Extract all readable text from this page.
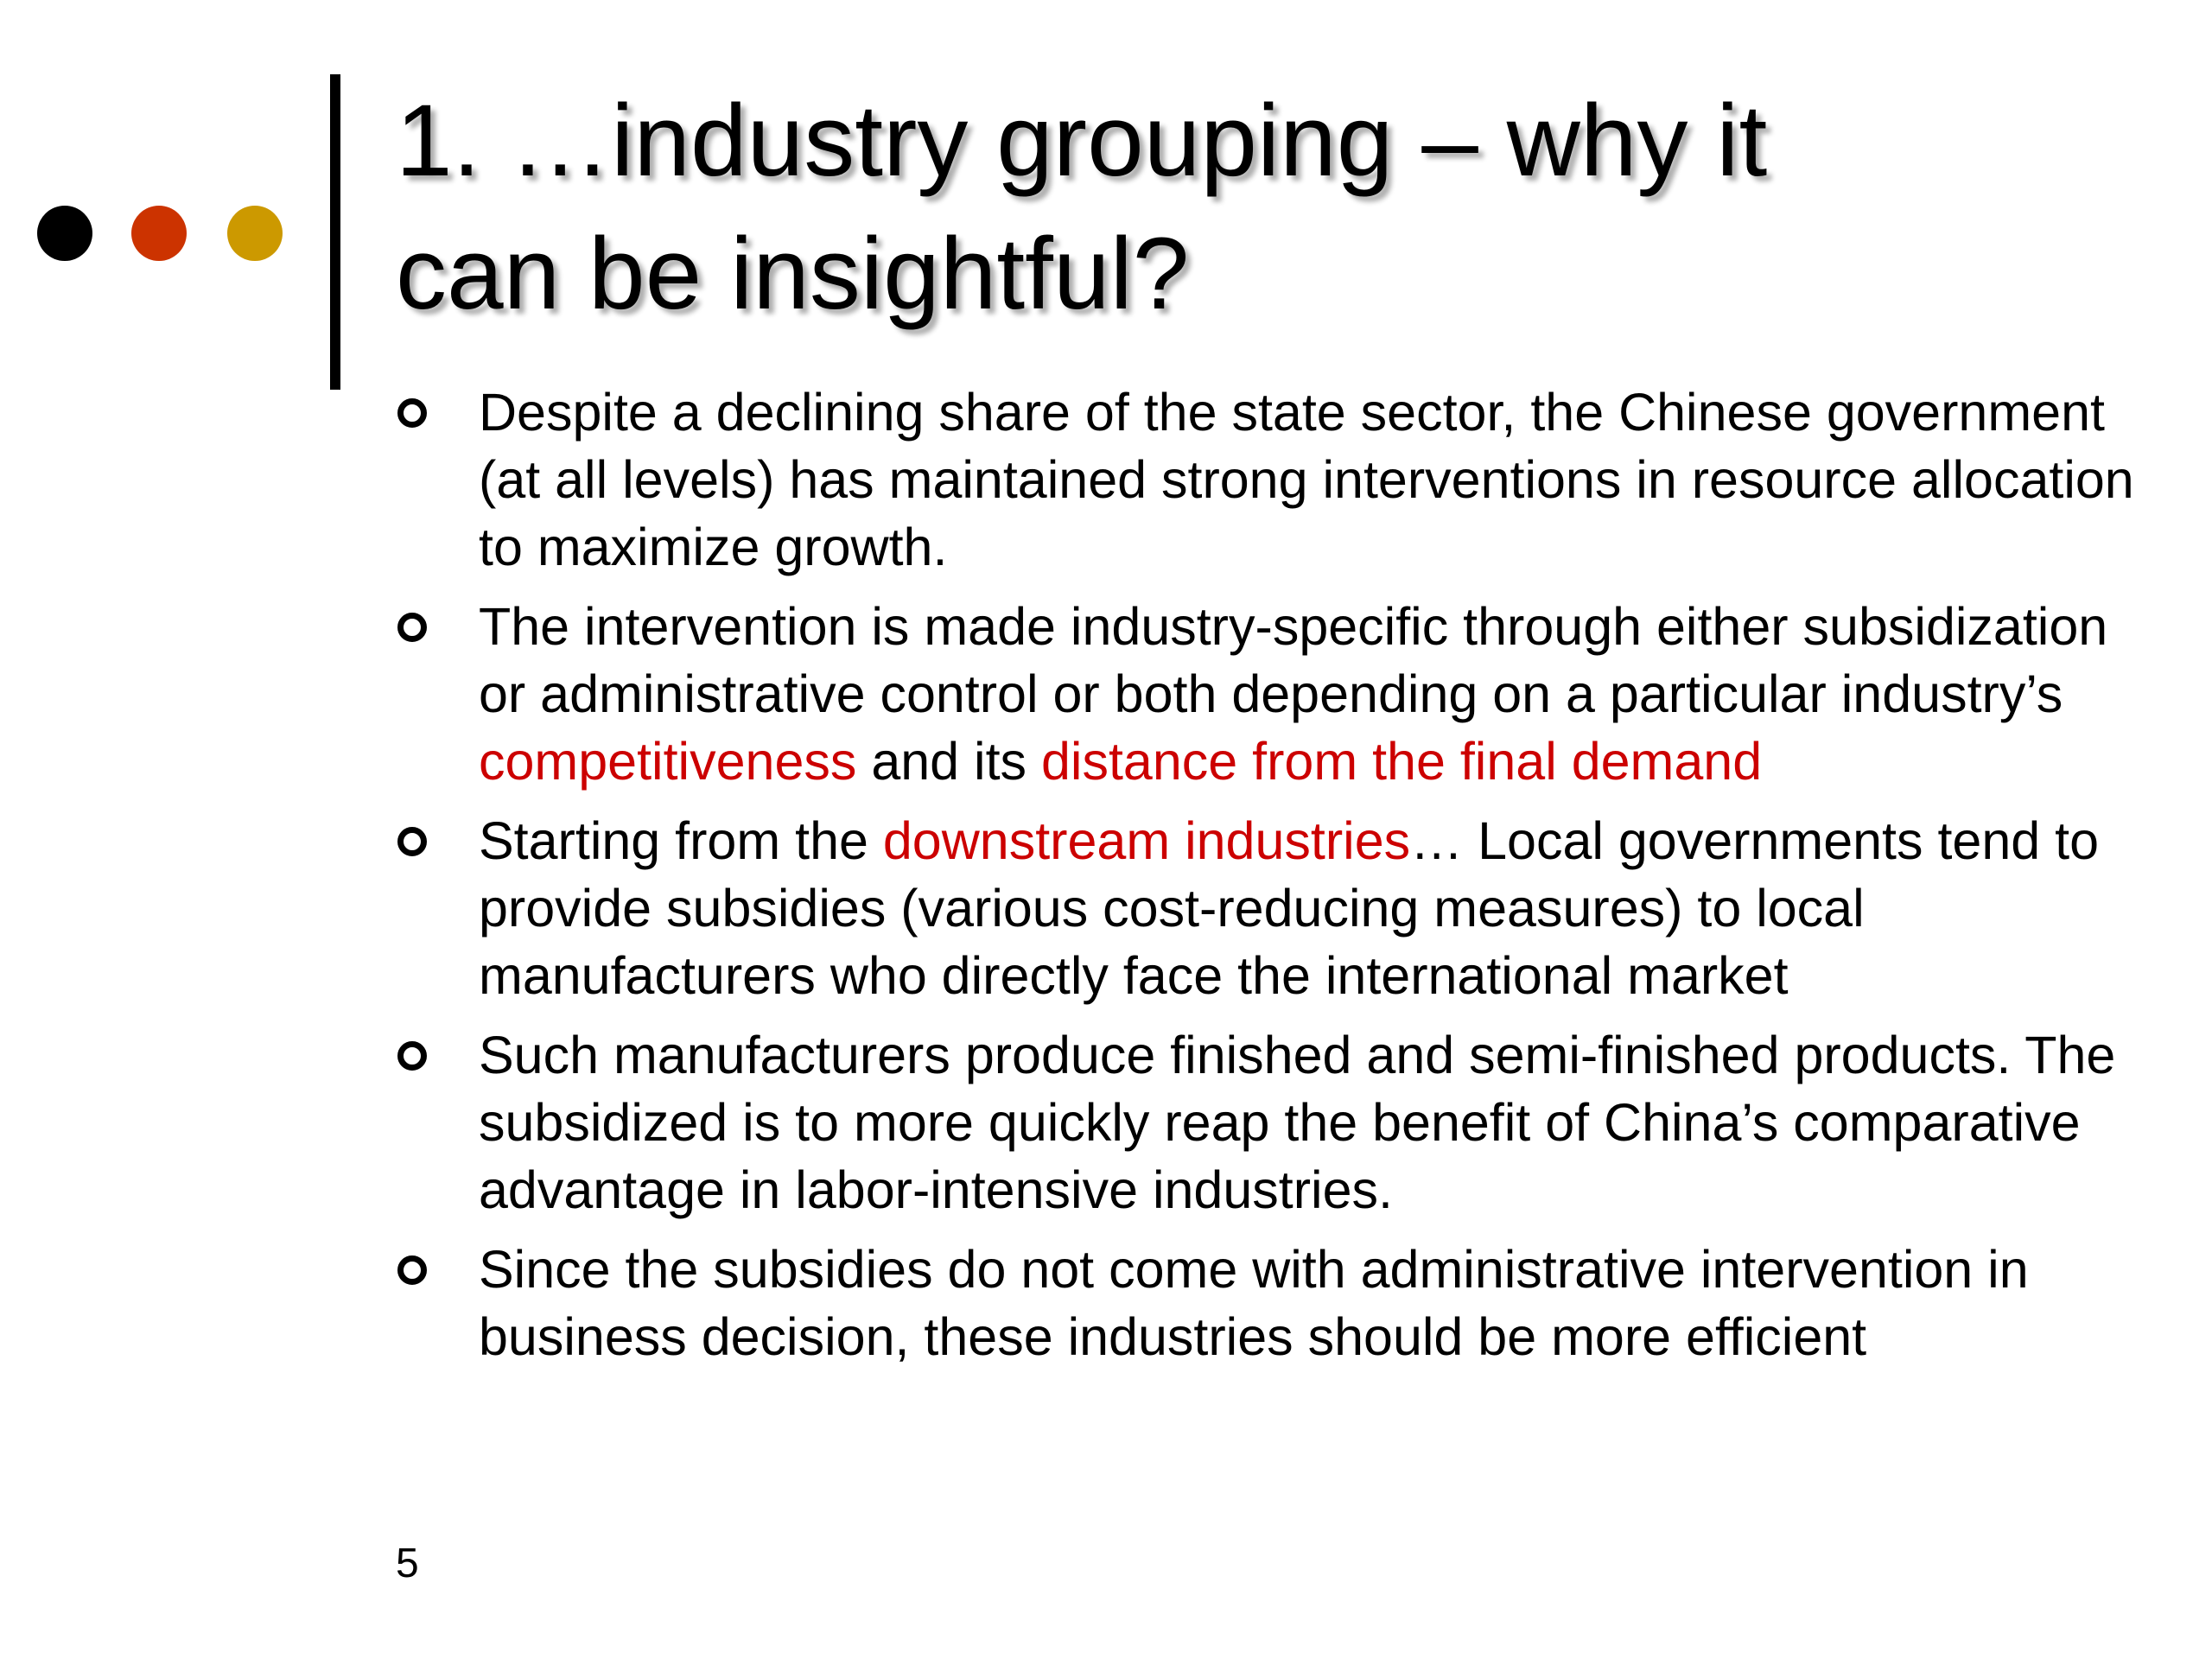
1. …industry grouping – why it
can be insightful?
Despite a declining share of the state sector, the Chinese government (at all levels) has maintained strong interventions in resource allocation to maximize growth.
The intervention is made industry-specific through either subsidization or administrative control or both depending on a particular industry’s competitiveness and its distance from the final demand
Starting from the downstream industries… Local governments tend to provide subsidies (various cost-reducing measures) to local manufacturers who directly face the international market
Such manufacturers produce finished and semi-finished products. The subsidized is to more quickly reap the benefit of China’s comparative advantage in labor-intensive industries.
Since the subsidies do not come with administrative intervention in business decision, these industries should be more efficient
5
